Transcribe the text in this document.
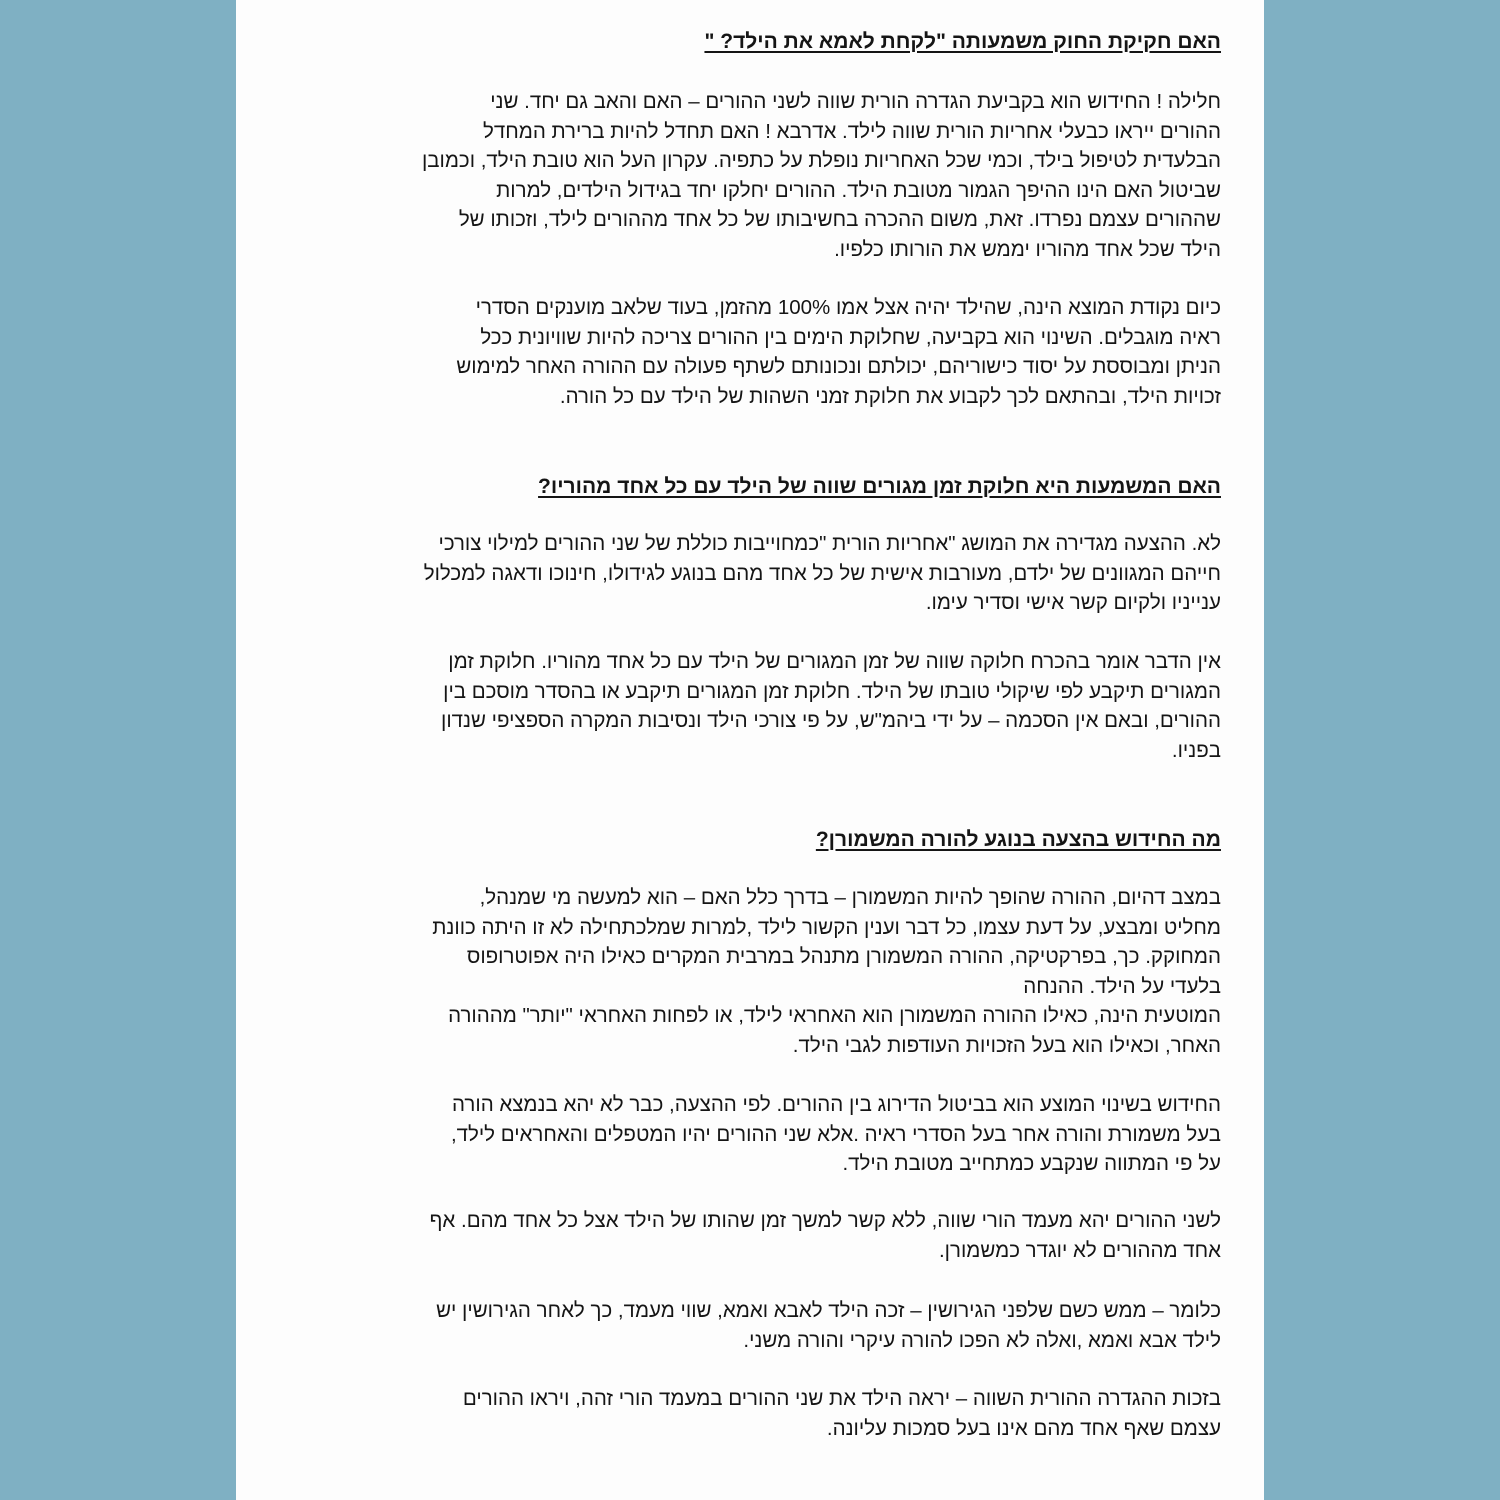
האם חקיקת החוק משמעותה "לקחת לאמא את הילד? "
חלילה ! החידוש הוא בקביעת הגדרה הורית שווה לשני ההורים – האם והאב גם יחד. שני
ההורים ייראו כבעלי אחריות הורית שווה לילד. אדרבא ! האם תחדל להיות ברירת המחדל
הבלעדית לטיפול בילד, וכמי שכל האחריות נופלת על כתפיה. עקרון העל הוא טובת הילד, וכמובן
שביטול האם הינו ההיפך הגמור מטובת הילד. ההורים יחלקו יחד בגידול הילדים, למרות
שההורים עצמם נפרדו. זאת, משום ההכרה בחשיבותו של כל אחד מההורים לילד, וזכותו של
הילד שכל אחד מהוריו יממש את הורותו כלפיו.
כיום נקודת המוצא הינה, שהילד יהיה אצל אמו 100% מהזמן, בעוד שלאב מוענקים הסדרי
ראיה מוגבלים. השינוי הוא בקביעה, שחלוקת הימים בין ההורים צריכה להיות שוויונית ככל
הניתן ומבוססת על יסוד כישוריהם, יכולתם ונכונותם לשתף פעולה עם ההורה האחר למימוש
זכויות הילד, ובהתאם לכך לקבוע את חלוקת זמני השהות של הילד עם כל הורה.
האם המשמעות היא חלוקת זמן מגורים שווה של הילד עם כל אחד מהוריו?
לא. ההצעה מגדירה את המושג "אחריות הורית "כמחוייבות כוללת של שני ההורים למילוי צורכי
חייהם המגוונים של ילדם, מעורבות אישית של כל אחד מהם בנוגע לגידולו, חינוכו ודאגה למכלול
ענייניו ולקיום קשר אישי וסדיר עימו.
אין הדבר אומר בהכרח חלוקה שווה של זמן המגורים של הילד עם כל אחד מהוריו. חלוקת זמן
המגורים תיקבע לפי שיקולי טובתו של הילד. חלוקת זמן המגורים תיקבע או בהסדר מוסכם בין
ההורים, ובאם אין הסכמה – על ידי ביהמ"ש, על פי צורכי הילד ונסיבות המקרה הספציפי שנדון
בפניו.
מה החידוש בהצעה בנוגע להורה המשמורן?
במצב דהיום, ההורה שהופך להיות המשמורן – בדרך כלל האם – הוא למעשה מי שמנהל,
מחליט ומבצע, על דעת עצמו, כל דבר וענין הקשור לילד ,למרות שמלכתחילה לא זו היתה כוונת
המחוקק. כך, בפרקטיקה, ההורה המשמורן מתנהל במרבית המקרים כאילו היה אפוטרופוס
בלעדי על הילד. ההנחה
המוטעית הינה, כאילו ההורה המשמורן הוא האחראי לילד, או לפחות האחראי "יותר" מההורה
האחר, וכאילו הוא בעל הזכויות העודפות לגבי הילד.
החידוש בשינוי המוצע הוא בביטול הדירוג בין ההורים. לפי ההצעה, כבר לא יהא בנמצא הורה
בעל משמורת והורה אחר בעל הסדרי ראיה .אלא שני ההורים יהיו המטפלים והאחראים לילד,
על פי המתווה שנקבע כמתחייב מטובת הילד.
לשני ההורים יהא מעמד הורי שווה, ללא קשר למשך זמן שהותו של הילד אצל כל אחד מהם. אף
אחד מההורים לא יוגדר כמשמורן.
כלומר – ממש כשם שלפני הגירושין – זכה הילד לאבא ואמא, שווי מעמד, כך לאחר הגירושין יש
לילד אבא ואמא ,ואלה לא הפכו להורה עיקרי והורה משני.
בזכות ההגדרה ההורית השווה – יראה הילד את שני ההורים במעמד הורי זהה, ויראו ההורים
עצמם שאף אחד מהם אינו בעל סמכות עליונה.
